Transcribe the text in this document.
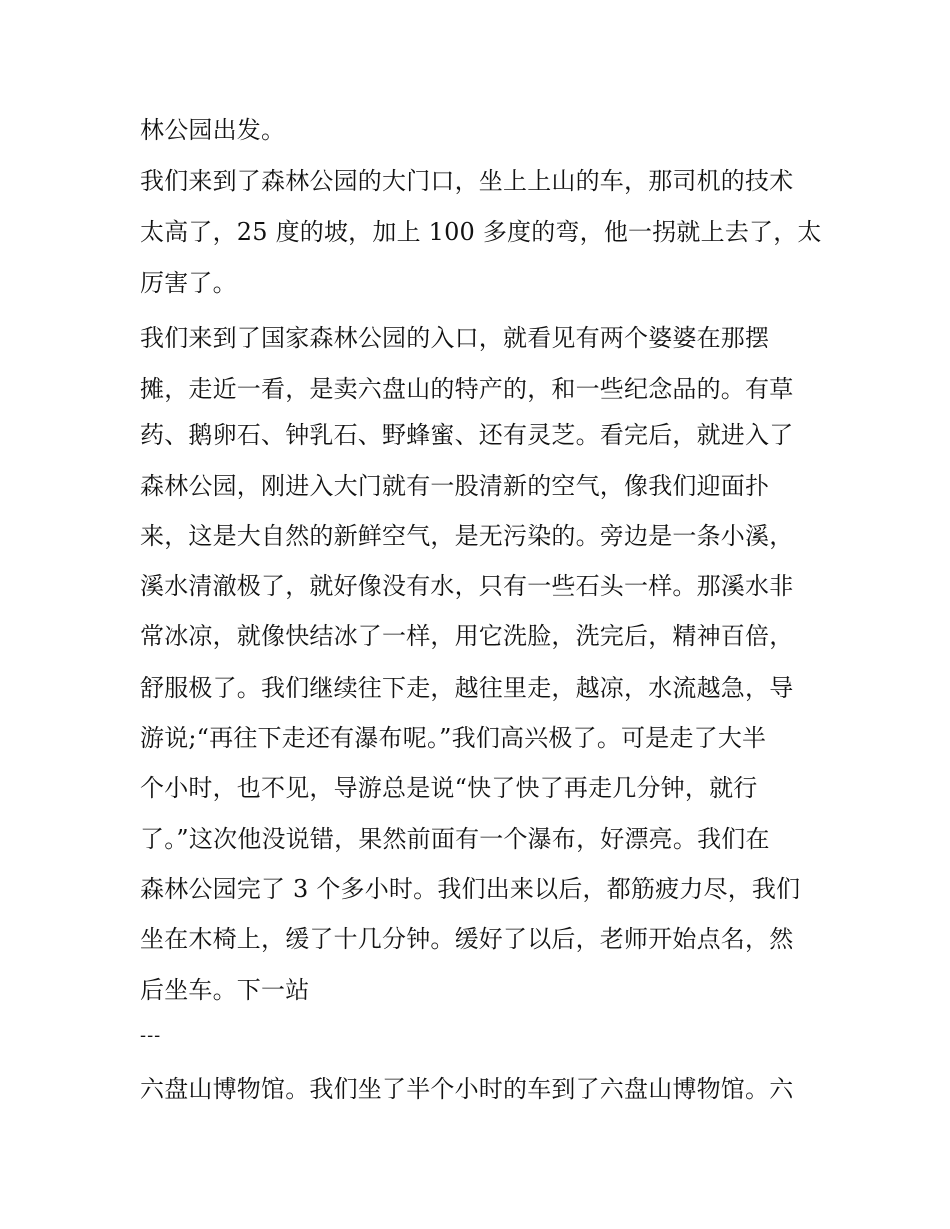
林公园出发。
我们来到了森林公园的大门口，坐上上山的车，那司机的技术
太高了，25 度的坡，加上 100 多度的弯，他一拐就上去了，太
厉害了。
我们来到了国家森林公园的入口，就看见有两个婆婆在那摆
摊，走近一看，是卖六盘山的特产的，和一些纪念品的。有草
药、鹅卵石、钟乳石、野蜂蜜、还有灵芝。看完后，就进入了
森林公园，刚进入大门就有一股清新的空气，像我们迎面扑
来，这是大自然的新鲜空气，是无污染的。旁边是一条小溪，
溪水清澈极了，就好像没有水，只有一些石头一样。那溪水非
常冰凉，就像快结冰了一样，用它洗脸，洗完后，精神百倍，
舒服极了。我们继续往下走，越往里走，越凉，水流越急，导
游说;“再往下走还有瀑布呢。”我们高兴极了。可是走了大半
个小时，也不见，导游总是说“快了快了再走几分钟，就行
了。”这次他没说错，果然前面有一个瀑布，好漂亮。我们在
森林公园完了 3 个多小时。我们出来以后，都筋疲力尽，我们
坐在木椅上，缓了十几分钟。缓好了以后，老师开始点名，然
后坐车。下一站
---
六盘山博物馆。我们坐了半个小时的车到了六盘山博物馆。六
